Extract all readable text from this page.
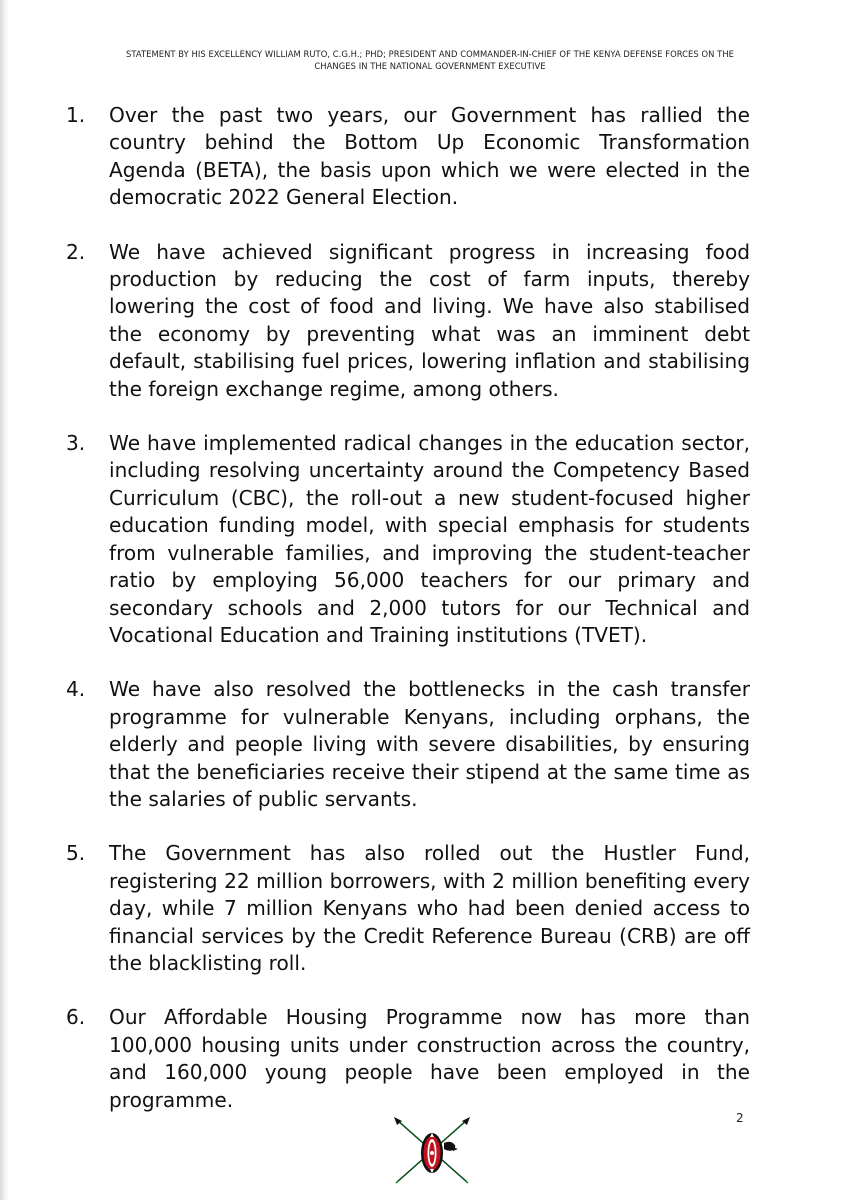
STATEMENT BY HIS EXCELLENCY WILLIAM RUTO, C.G.H.; PHD; PRESIDENT AND COMMANDER-IN-CHIEF OF THE KENYA DEFENSE FORCES ON THE
CHANGES IN THE NATIONAL GOVERNMENT EXECUTIVE
1.	Over the past two years, our Government has rallied the country behind the Bottom Up Economic Transformation Agenda (BETA), the basis upon which we were elected in the democratic 2022 General Election.
2.	We have achieved significant progress in increasing food production by reducing the cost of farm inputs, thereby lowering the cost of food and living. We have also stabilised the economy by preventing what was an imminent debt default, stabilising fuel prices, lowering inflation and stabilising the foreign exchange regime, among others.
3.	We have implemented radical changes in the education sector, including resolving uncertainty around the Competency Based Curriculum (CBC), the roll-out a new student-focused higher education funding model, with special emphasis for students from vulnerable families, and improving the student-teacher ratio by employing 56,000 teachers for our primary and secondary schools and 2,000 tutors for our Technical and Vocational Education and Training institutions (TVET).
4.	We have also resolved the bottlenecks in the cash transfer programme for vulnerable Kenyans, including orphans, the elderly and people living with severe disabilities, by ensuring that the beneficiaries receive their stipend at the same time as the salaries of public servants.
5.	The Government has also rolled out the Hustler Fund, registering 22 million borrowers, with 2 million benefiting every day, while 7 million Kenyans who had been denied access to financial services by the Credit Reference Bureau (CRB) are off the blacklisting roll.
6.	Our Affordable Housing Programme now has more than 100,000 housing units under construction across the country, and 160,000 young people have been employed in the programme.
2
